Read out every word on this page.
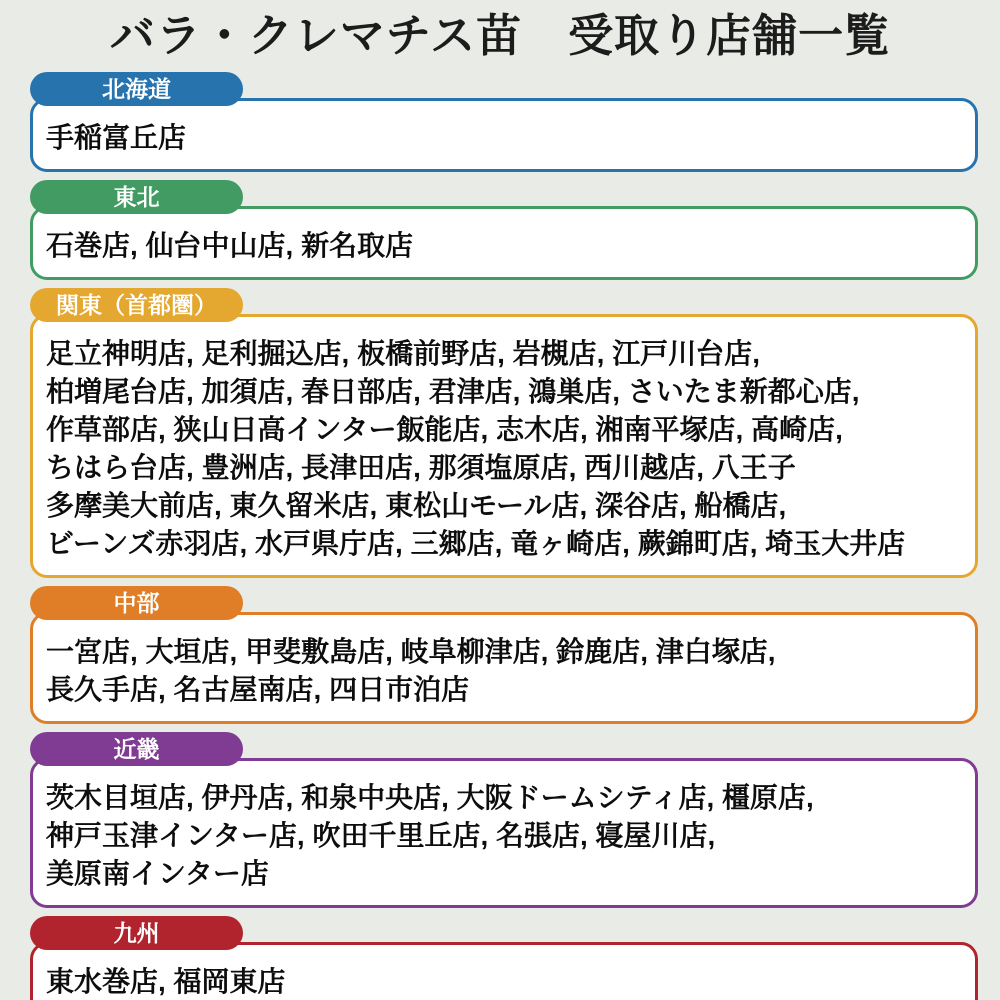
バラ・クレマチス苗　受取り店舗一覧
北海道
手稲富丘店
東北
石巻店, 仙台中山店, 新名取店
関東（首都圏）
足立神明店, 足利掘込店, 板橋前野店, 岩槻店, 江戸川台店,
柏増尾台店, 加須店, 春日部店, 君津店, 鴻巣店, さいたま新都心店,
作草部店, 狭山日高インター飯能店, 志木店, 湘南平塚店, 高崎店,
ちはら台店, 豊洲店, 長津田店, 那須塩原店, 西川越店, 八王子
多摩美大前店, 東久留米店, 東松山モール店, 深谷店, 船橋店,
ビーンズ赤羽店, 水戸県庁店, 三郷店, 竜ヶ崎店, 蕨錦町店, 埼玉大井店
中部
一宮店, 大垣店, 甲斐敷島店, 岐阜柳津店, 鈴鹿店, 津白塚店,
長久手店, 名古屋南店, 四日市泊店
近畿
茨木目垣店, 伊丹店, 和泉中央店, 大阪ドームシティ店, 橿原店,
神戸玉津インター店, 吹田千里丘店, 名張店, 寝屋川店,
美原南インター店
九州
東水巻店, 福岡東店
